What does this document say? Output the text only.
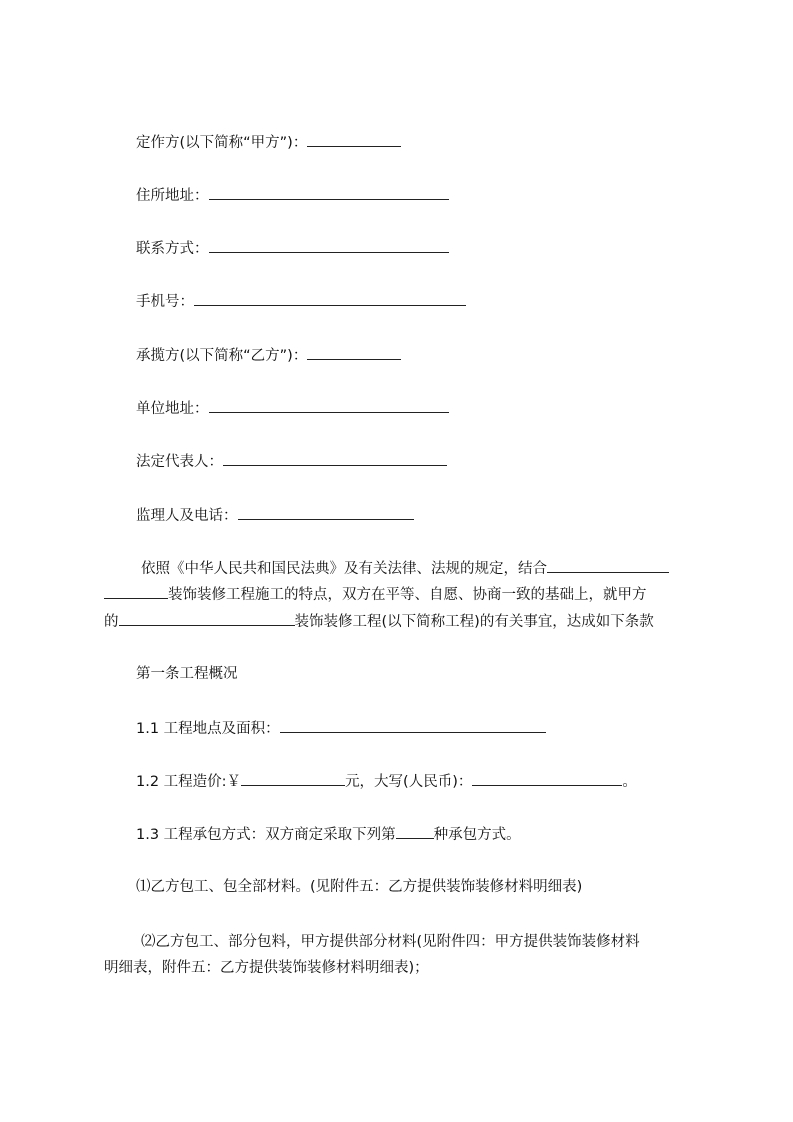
定作方(以下简称“甲方”)：
住所地址：
联系方式：
手机号：
承揽方(以下简称“乙方”)：
单位地址：
法定代表人：
监理人及电话：
依照《中华人民共和国民法典》及有关法律、法规的规定，结合
装饰装修工程施工的特点，双方在平等、自愿、协商一致的基础上，就甲方
的	装饰装修工程(以下简称工程)的有关事宜，达成如下条款
第一条工程概况
1.1 工程地点及面积：
1.2 工程造价:￥	元，大写(人民币)：	。
1.3 工程承包方式：双方商定采取下列第	种承包方式。
⑴乙方包工、包全部材料。(见附件五：乙方提供装饰装修材料明细表)
⑵乙方包工、部分包料，甲方提供部分材料(见附件四：甲方提供装饰装修材料
明细表，附件五：乙方提供装饰装修材料明细表)；
